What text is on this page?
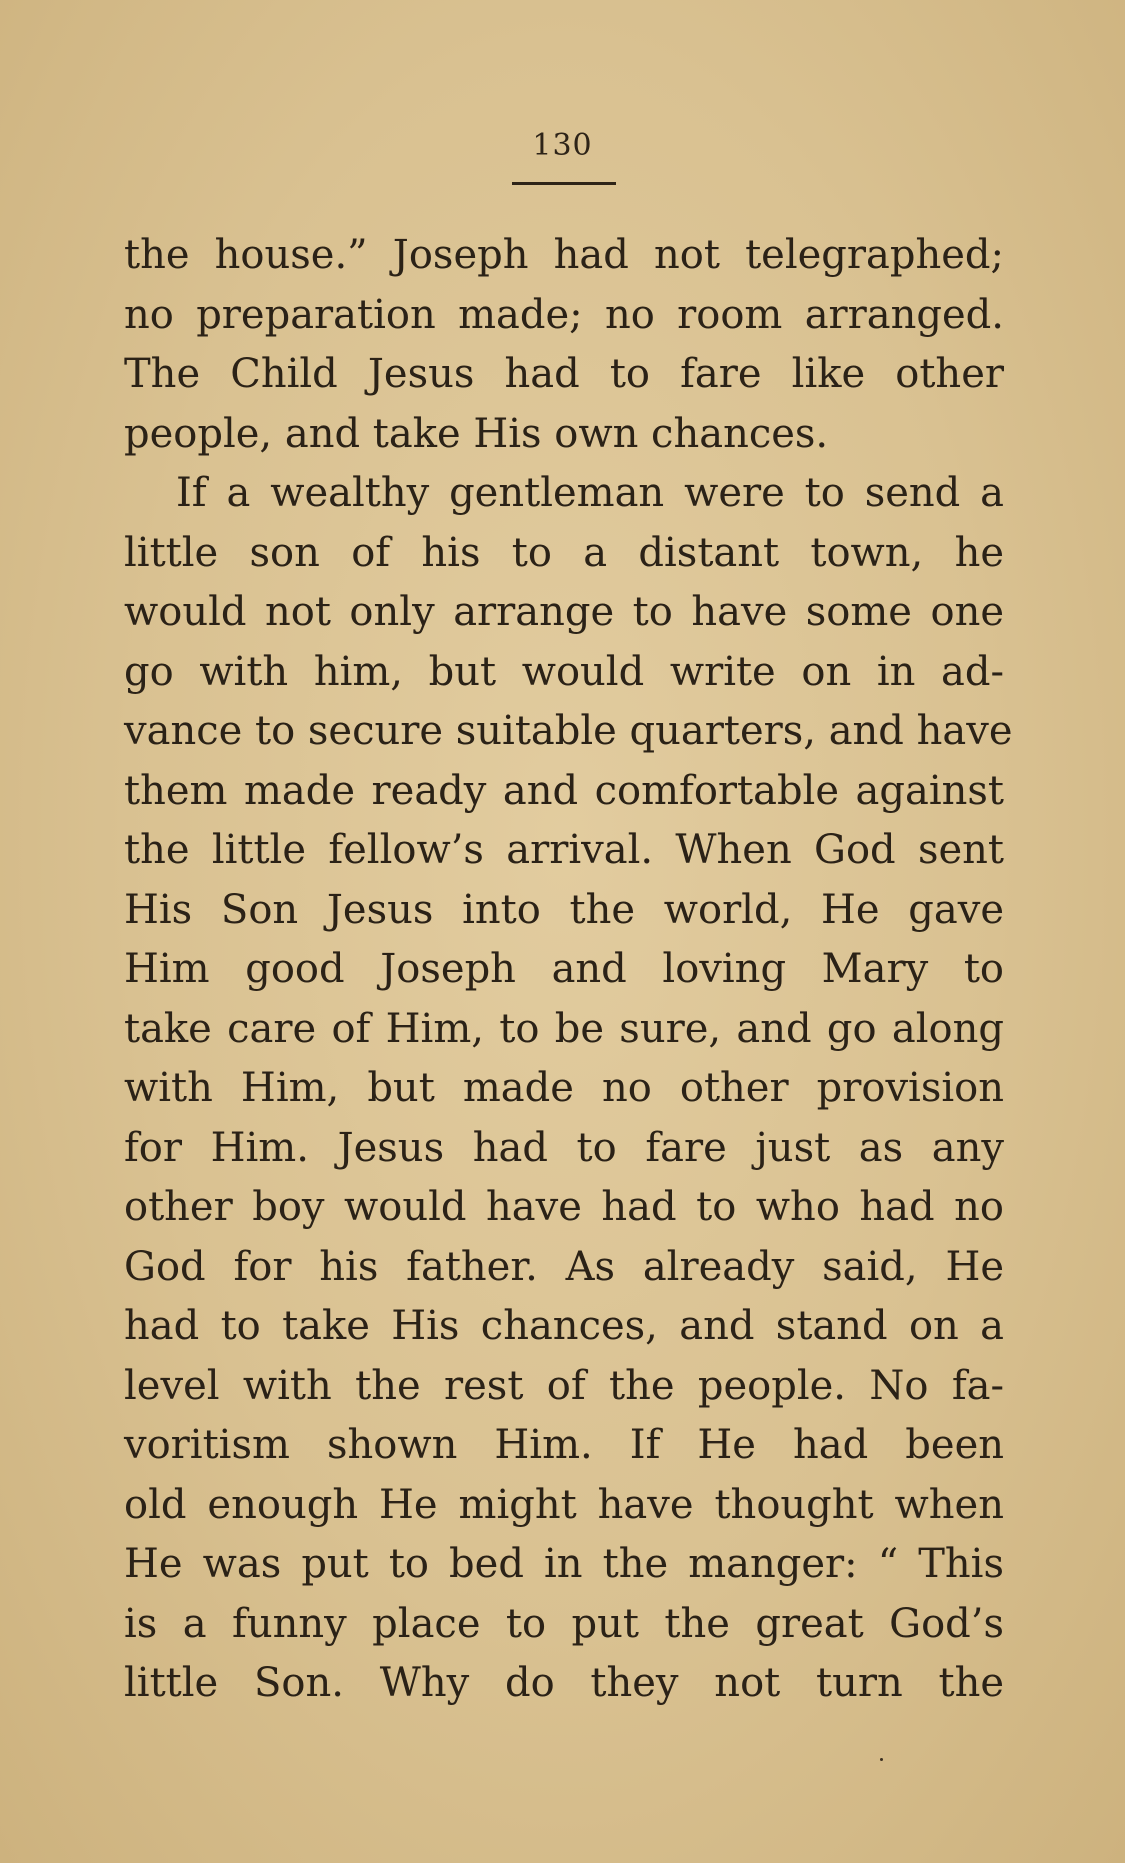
130
the house.” Joseph had not telegraphed;
no preparation made; no room arranged.
The Child Jesus had to fare like other
people, and take His own chances.
If a wealthy gentleman were to send a
little son of his to a distant town, he
would not only arrange to have some one
go with him, but would write on in ad-
vance to secure suitable quarters, and have
them made ready and comfortable against
the little fellow’s arrival. When God sent
His Son Jesus into the world, He gave
Him good Joseph and loving Mary to
take care of Him, to be sure, and go along
with Him, but made no other provision
for Him. Jesus had to fare just as any
other boy would have had to who had no
God for his father. As already said, He
had to take His chances, and stand on a
level with the rest of the people. No fa-
voritism shown Him. If He had been
old enough He might have thought when
He was put to bed in the manger: “ This
is a funny place to put the great God’s
little Son. Why do they not turn the
